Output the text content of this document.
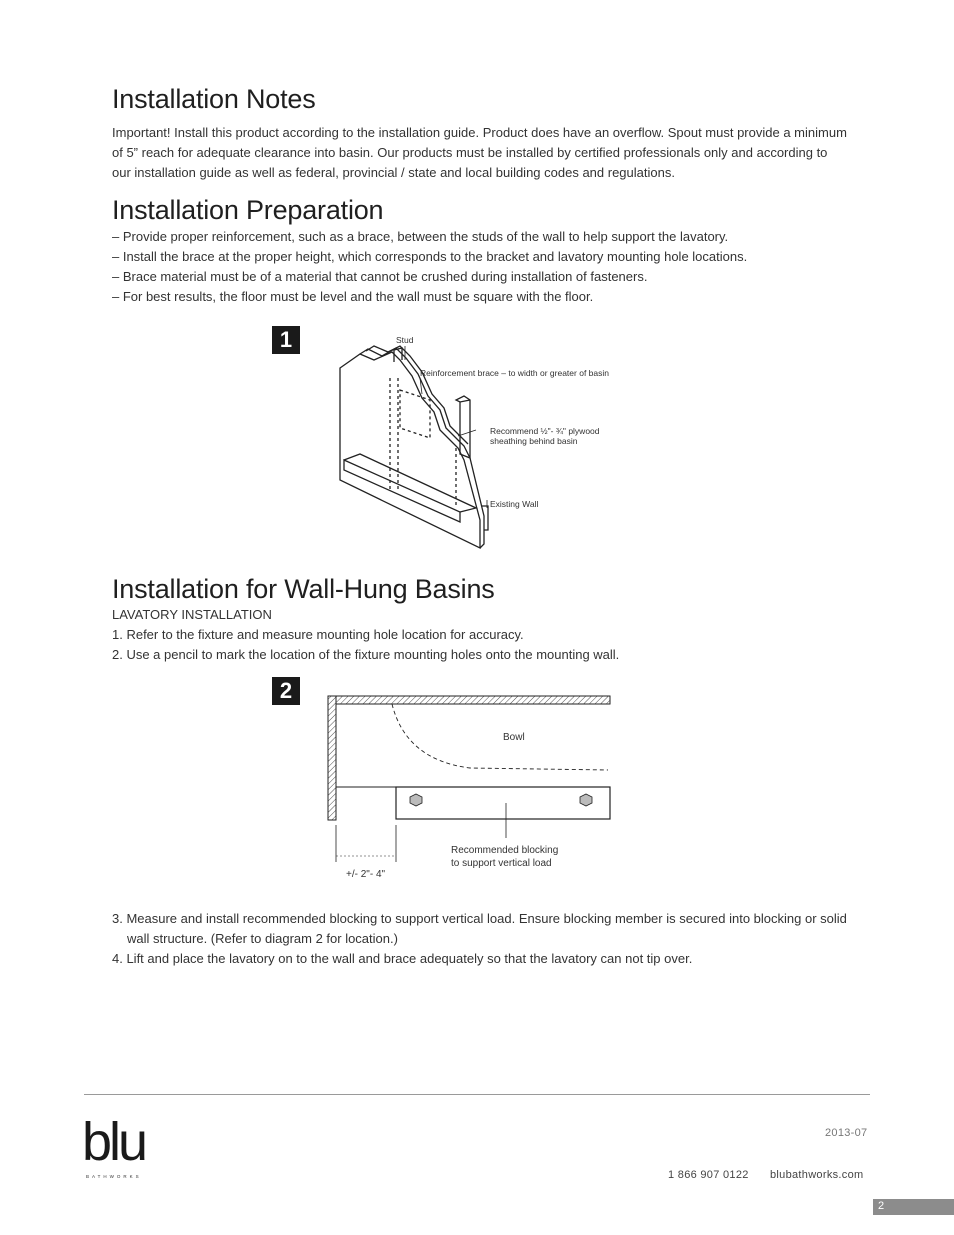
Installation Notes

Important! Install this product according to the installation guide. Product does have an overflow. Spout must provide a minimum of 5” reach for adequate clearance into basin. Our products must be installed by certified professionals only and according to our installation guide as well as federal, provincial / state and local building codes and regulations.

Installation Preparation

– Provide proper reinforcement, such as a brace, between the studs of the wall to help support the lavatory.

– Install the brace at the proper height, which corresponds to the bracket and lavatory mounting hole locations.

– Brace material must be of a material that cannot be crushed during installation of fasteners.

– For best results, the floor must be level and the wall must be square with the floor.

1	Stud
Reinforcement brace – to width or greater of basin
Recommend ½"- ¾" plywood
sheathing behind basin
Existing Wall
Installation for Wall-Hung Basins

LAVATORY INSTALLATION

1. Refer to the fixture and measure mounting hole location for accuracy.

2. Use a pencil to mark the location of the fixture mounting holes onto the mounting wall.

2
Bowl
Recommended blocking
to support vertical load
+/- 2"- 4"

3. Measure and install recommended blocking to support vertical load. Ensure blocking member is secured into blocking or solid wall structure. (Refer to diagram 2 for location.)

4. Lift and place the lavatory on to the wall and brace adequately so that the lavatory can not tip over.

blu
BATHWORKS
2013-07
1 866 907 0122 blubathworks.com
2
